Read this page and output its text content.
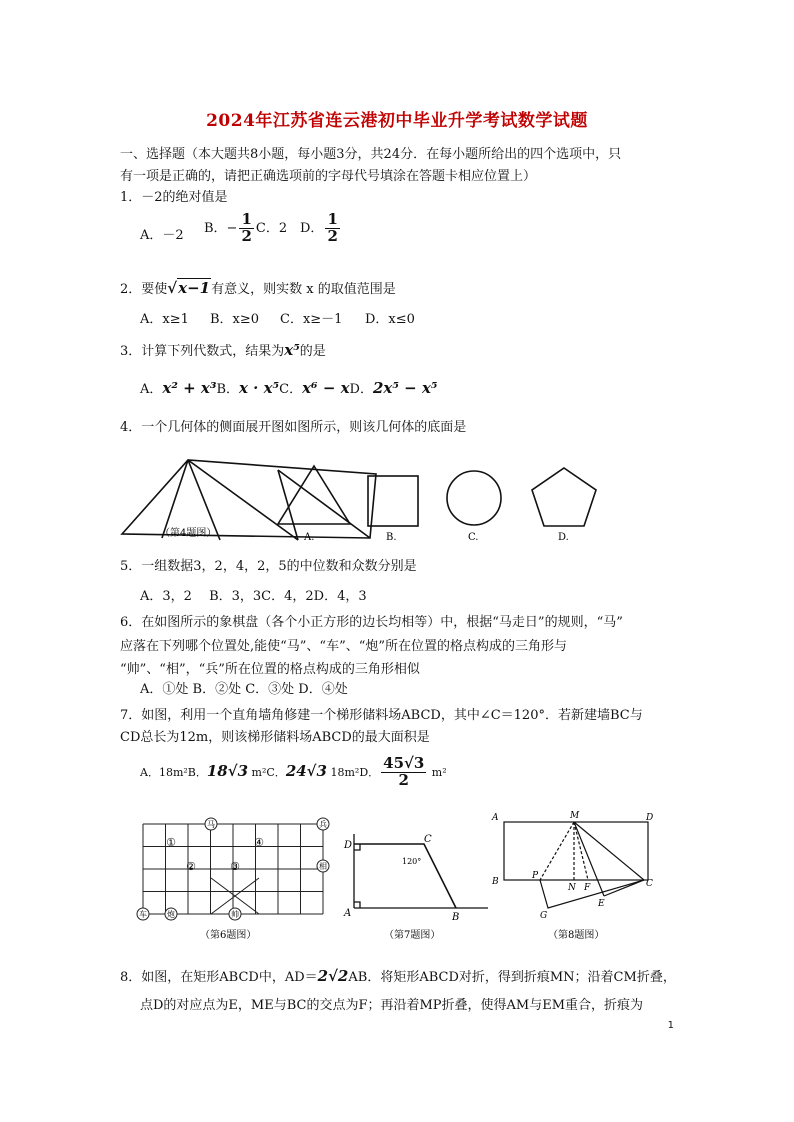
2024年江苏省连云港初中毕业升学考试数学试题
一、选择题（本大题共8小题，每小题3分，共24分．在每小题所给出的四个选项中，只
有一项是正确的，请把正确选项前的字母代号填涂在答题卡相应位置上）
1．－2的绝对值是
A．－2 B．− $\frac{1}{2}$ C．2 D． $\frac{1}{2}$
2．要使√x−1有意义，则实数 x 的取值范围是
A．x≥1 B．x≥0 C．x≥－1 D．x≤0
3．计算下列代数式，结果为x⁵的是
A．x² + x³B．x · x⁵C．x⁶ − xD．2x⁵ − x⁵
4．一个几何体的侧面展开图如图所示，则该几何体的底面是
（第4题图）	A.	B.	C.	D.
5．一组数据3，2，4，2，5的中位数和众数分别是
A．3，2　 B．3，3C．4，2D．4，3
6．在如图所示的象棋盘（各个小正方形的边长均相等）中，根据“马走日”的规则，“马”
应落在下列哪个位置处,能使“马”、“车”、“炮”所在位置的格点构成的三角形与
“帅”、“相”，“兵”所在位置的格点构成的三角形相似
A．①处 B．②处 C．③处 D．④处
7．如图，利用一个直角墙角修建一个梯形储料场ABCD，其中∠C＝120°．若新建墙BC与
CD总长为12m，则该梯形储料场ABCD的最大面积是
A．18m²B．18√3 m²C．24√3 18m²D． $\frac{45√3}{2} m^2$
马	兵
相
车	炮	帅
①
②	③
④
（第6题图）
D
C
A	B
120°
（第7题图）
A	M	D
B
P
N F	C
E
G
（第8题图）
8．如图，在矩形ABCD中，AD＝2√2AB．将矩形ABCD对折，得到折痕MN；沿着CM折叠，
点D的对应点为E，ME与BC的交点为F；再沿着MP折叠，使得AM与EM重合，折痕为
1
